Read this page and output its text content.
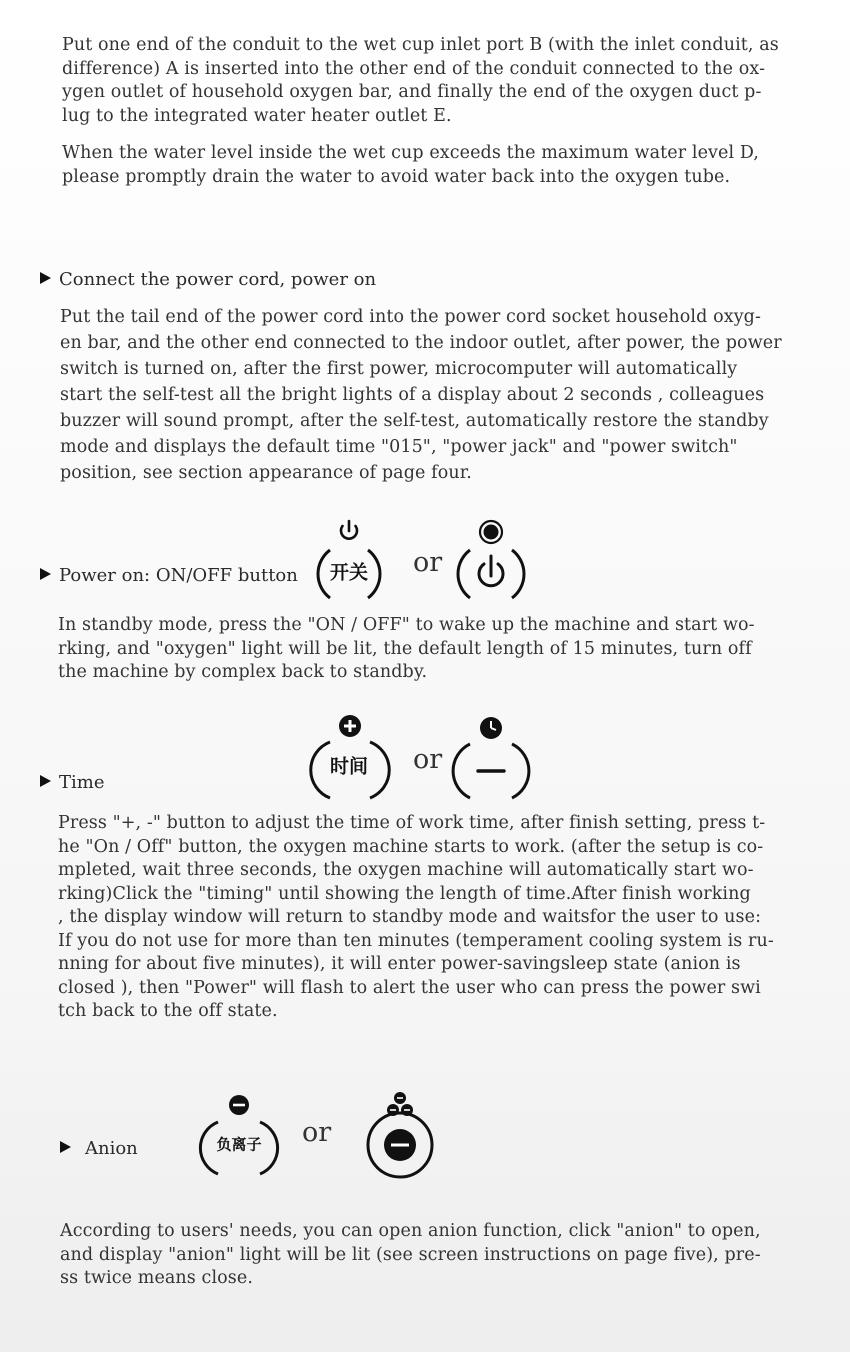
Put one end of the conduit to the wet cup inlet port B (with the inlet conduit, as
difference) A is inserted into the other end of the conduit connected to the ox-
ygen outlet of household oxygen bar, and finally the end of the oxygen duct p-
lug to the integrated water heater outlet E.

When the water level inside the wet cup exceeds the maximum water level D,
please promptly drain the water to avoid water back into the oxygen tube.

Connect the power cord, power on

Put the tail end of the power cord into the power cord socket household oxyg-
en bar, and the other end connected to the indoor outlet, after power, the power
switch is turned on, after the first power, microcomputer will automatically
start the self-test all the bright lights of a display about 2 seconds , colleagues
buzzer will sound prompt, after the self-test, automatically restore the standby
mode and displays the default time "015", "power jack" and "power switch"
position, see section appearance of page four.

Power on: ON/OFF button 开关 or

In standby mode, press the "ON / OFF" to wake up the machine and start wo-
rking, and "oxygen" light will be lit, the default length of 15 minutes, turn off
the machine by complex back to standby.

Time
时间 or

Press "+, -" button to adjust the time of work time, after finish setting, press t-
he "On / Off" button, the oxygen machine starts to work. (after the setup is co-
mpleted, wait three seconds, the oxygen machine will automatically start wo-
rking)Click the "timing" until showing the length of time.After finish working
, the display window will return to standby mode and waitsfor the user to use:
If you do not use for more than ten minutes (temperament cooling system is ru-
nning for about five minutes), it will enter power-savingsleep state (anion is
closed ), then "Power" will flash to alert the user who can press the power swi
tch back to the off state.

Anion	负离子 or

According to users' needs, you can open anion function, click "anion" to open,
and display "anion" light will be lit (see screen instructions on page five), pre-
ss twice means close.
